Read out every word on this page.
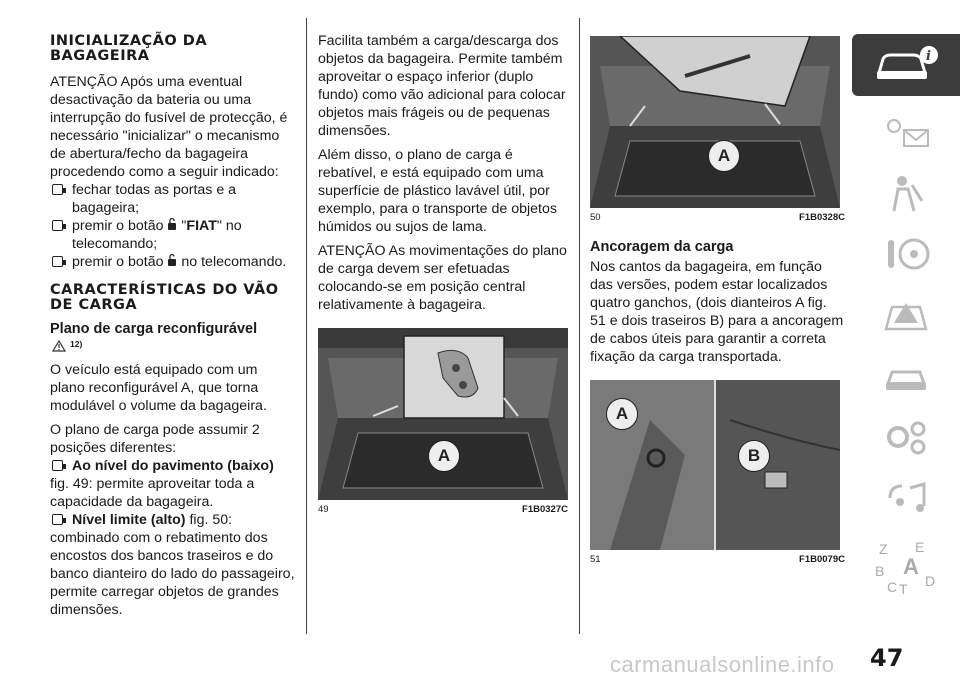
INICIALIZAÇÃO DA BAGAGEIRA

ATENÇÃO Após uma eventual desactivação da bateria ou uma interrupção do fusível de protecção, é necessário "inicializar" o mecanismo de abertura/fecho da bagageira procedendo como a seguir indicado:

fechar todas as portas e a bagageira;
premir o botão  "FIAT" no telecomando;
premir o botão no telecomando.
CARACTERÍSTICAS DO VÃO DE CARGA
Plano de carga reconfigurável
12)

O veículo está equipado com um plano reconfigurável A, que torna modulável o volume da bagageira.

O plano de carga pode assumir 2 posições diferentes:

Ao nível do pavimento (baixo)

fig. 49: permite aproveitar toda a capacidade da bagageira.

Nível limite (alto) fig. 50:

combinado com o rebatimento dos encostos dos bancos traseiros e do banco dianteiro do lado do passageiro, permite carregar objetos de grandes dimensões.

Facilita também a carga/descarga dos objetos da bagageira. Permite também aproveitar o espaço inferior (duplo fundo) como vão adicional para colocar objetos mais frágeis ou de pequenas dimensões.

Além disso, o plano de carga é rebatível, e está equipado com uma superfície de plástico lavável útil, por exemplo, para o transporte de objetos húmidos ou sujos de lama.

ATENÇÃO As movimentações do plano de carga devem ser efetuadas colocando-se em posição central relativamente à bagageira.

A
49	F1B0327C
A
50	F1B0328C
Ancoragem da carga

Nos cantos da bagageira, em função das versões, podem estar localizados quatro ganchos, (dois dianteiros A fig. 51 e dois traseiros B) para a ancoragem de cabos úteis para garantir a correta fixação da carga transportada.

A
B
51	F1B0079C
i
Z E
B A
C T D
47
carmanualsonline.info
